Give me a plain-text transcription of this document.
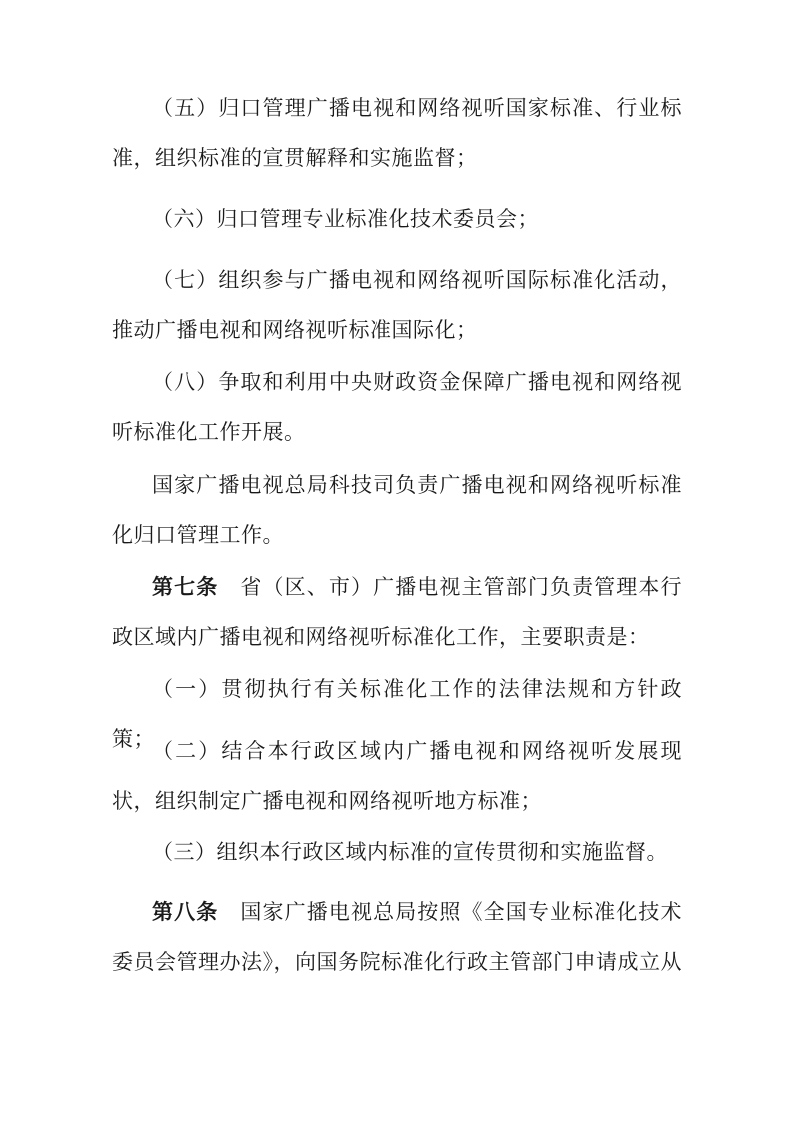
（五）归口管理广播电视和网络视听国家标准、行业标准，组织标准的宣贯解释和实施监督；

（六）归口管理专业标准化技术委员会；

（七）组织参与广播电视和网络视听国际标准化活动，推动广播电视和网络视听标准国际化；

（八）争取和利用中央财政资金保障广播电视和网络视听标准化工作开展。

国家广播电视总局科技司负责广播电视和网络视听标准化归口管理工作。

第七条　省（区、市）广播电视主管部门负责管理本行政区域内广播电视和网络视听标准化工作，主要职责是：

（一）贯彻执行有关标准化工作的法律法规和方针政策；

（二）结合本行政区域内广播电视和网络视听发展现状，组织制定广播电视和网络视听地方标准；

（三）组织本行政区域内标准的宣传贯彻和实施监督。

第八条　国家广播电视总局按照《全国专业标准化技术委员会管理办法》，向国务院标准化行政主管部门申请成立从
